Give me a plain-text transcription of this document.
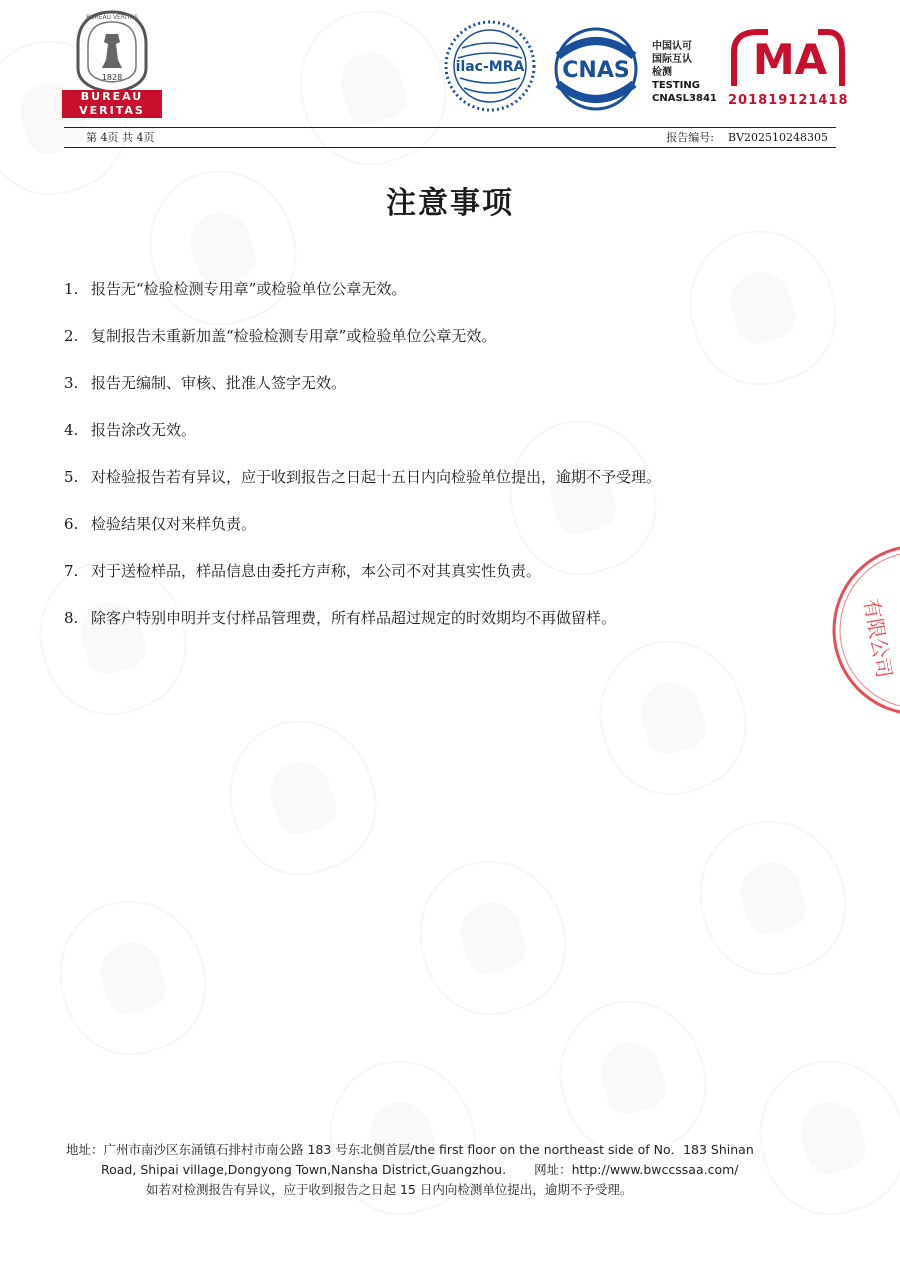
BUREAU VERITAS
1828
BUREAU
VERITAS
ilac-MRA CNAS
中国认可
国际互认
检测
TESTING
CNASL3841
MA
201819121418
第 4页 共 4页	报告编号: BV202510248305
注意事项
1. 报告无“检验检测专用章”或检验单位公章无效。
2. 复制报告未重新加盖“检验检测专用章”或检验单位公章无效。
3. 报告无编制、审核、批准人签字无效。
4. 报告涂改无效。
5. 对检验报告若有异议，应于收到报告之日起十五日内向检验单位提出，逾期不予受理。
6. 检验结果仅对来样负责。
7. 对于送检样品，样品信息由委托方声称，本公司不对其真实性负责。
8. 除客户特别申明并支付样品管理费，所有样品超过规定的时效期均不再做留样。	有限公司
地址：广州市南沙区东涌镇石排村市南公路 183 号东北侧首层/the first floor on the northeast side of No．183 Shinan
Road, Shipai village,Dongyong Town,Nansha District,Guangzhou. 网址：http://www.bwccssaa.com/
如若对检测报告有异议，应于收到报告之日起 15 日内向检测单位提出，逾期不予受理。
